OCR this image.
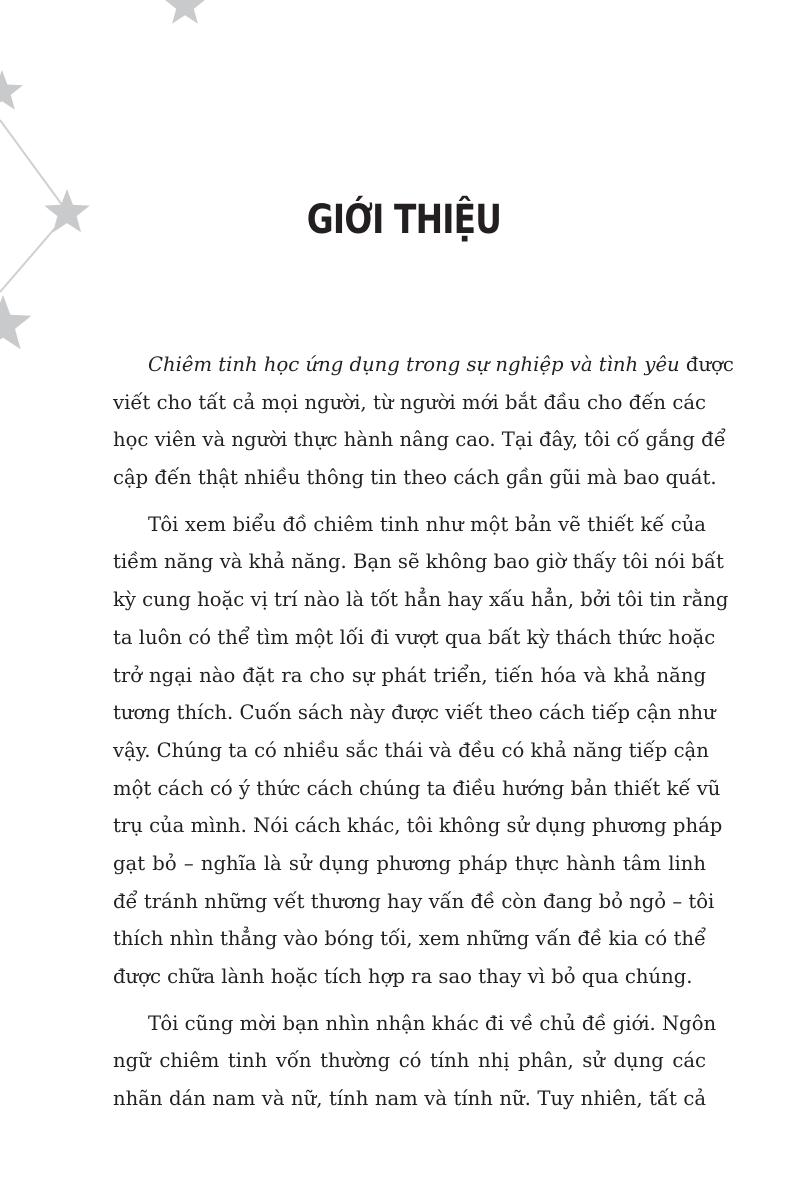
GIỚI THIỆU
Chiêm tinh học ứng dụng trong sự nghiệp và tình yêu được
viết cho tất cả mọi người, từ người mới bắt đầu cho đến các
học viên và người thực hành nâng cao. Tại đây, tôi cố gắng để
cập đến thật nhiều thông tin theo cách gần gũi mà bao quát.
Tôi xem biểu đồ chiêm tinh như một bản vẽ thiết kế của
tiềm năng và khả năng. Bạn sẽ không bao giờ thấy tôi nói bất
kỳ cung hoặc vị trí nào là tốt hẳn hay xấu hẳn, bởi tôi tin rằng
ta luôn có thể tìm một lối đi vượt qua bất kỳ thách thức hoặc
trở ngại nào đặt ra cho sự phát triển, tiến hóa và khả năng
tương thích. Cuốn sách này được viết theo cách tiếp cận như
vậy. Chúng ta có nhiều sắc thái và đều có khả năng tiếp cận
một cách có ý thức cách chúng ta điều hướng bản thiết kế vũ
trụ của mình. Nói cách khác, tôi không sử dụng phương pháp
gạt bỏ – nghĩa là sử dụng phương pháp thực hành tâm linh
để tránh những vết thương hay vấn đề còn đang bỏ ngỏ – tôi
thích nhìn thẳng vào bóng tối, xem những vấn đề kia có thể
được chữa lành hoặc tích hợp ra sao thay vì bỏ qua chúng.
Tôi cũng mời bạn nhìn nhận khác đi về chủ đề giới. Ngôn
ngữ chiêm tinh vốn thường có tính nhị phân, sử dụng các
nhãn dán nam và nữ, tính nam và tính nữ. Tuy nhiên, tất cả
